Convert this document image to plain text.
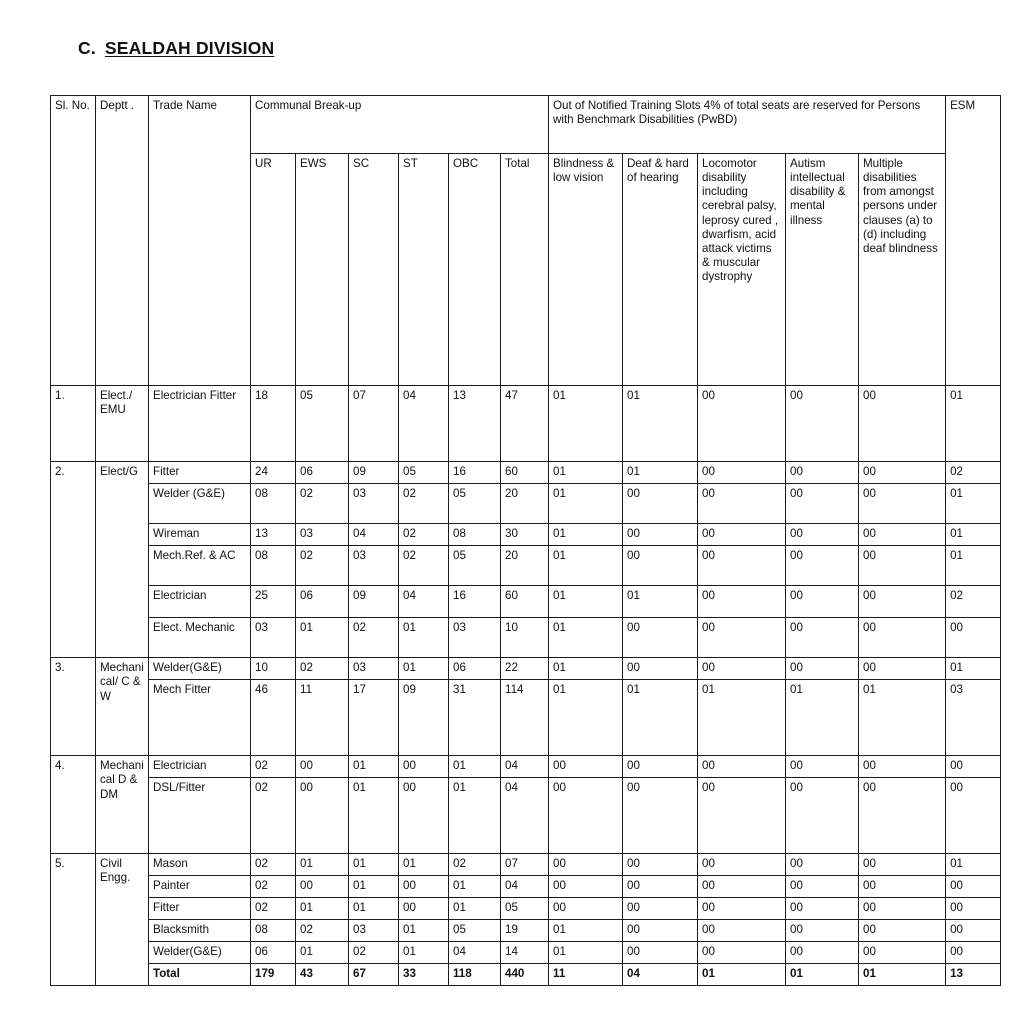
C. SEALDAH DIVISION
Sl. No.	Deptt .	Trade Name	Communal Break-up						Out of Notified Training Slots 4% of total seats are reserved for Persons with Benchmark Disabilities (PwBD)					ESM
			UR	EWS	SC	ST	OBC	Total	Blindness & low vision	Deaf & hard of hearing	Locomotor disability including cerebral palsy, leprosy cured , dwarfism, acid attack victims & muscular dystrophy	Autism intellectual disability & mental illness	Multiple disabilities from amongst persons under clauses (a) to (d) including deaf blindness	
1.	Elect./ EMU	Electrician Fitter	18	05	07	04	13	47	01	01	00	00	00	01
2.	Elect/G	Fitter	24	06	09	05	16	60	01	01	00	00	00	02
		Welder (G&E)	08	02	03	02	05	20	01	00	00	00	00	01
		Wireman	13	03	04	02	08	30	01	00	00	00	00	01
		Mech.Ref. & AC	08	02	03	02	05	20	01	00	00	00	00	01
		Electrician	25	06	09	04	16	60	01	01	00	00	00	02
		Elect. Mechanic	03	01	02	01	03	10	01	00	00	00	00	00
3.	Mechanical/ C & W	Welder(G&E)	10	02	03	01	06	22	01	00	00	00	00	01
		Mech Fitter	46	11	17	09	31	114	01	01	01	01	01	03
4.	Mechanical D & DM	Electrician	02	00	01	00	01	04	00	00	00	00	00	00
		DSL/Fitter	02	00	01	00	01	04	00	00	00	00	00	00
5.	Civil Engg.	Mason	02	01	01	01	02	07	00	00	00	00	00	01
		Painter	02	00	01	00	01	04	00	00	00	00	00	00
		Fitter	02	01	01	00	01	05	00	00	00	00	00	00
		Blacksmith	08	02	03	01	05	19	01	00	00	00	00	00
		Welder(G&E)	06	01	02	01	04	14	01	00	00	00	00	00
		Total	179	43	67	33	118	440	11	04	01	01	01	13
